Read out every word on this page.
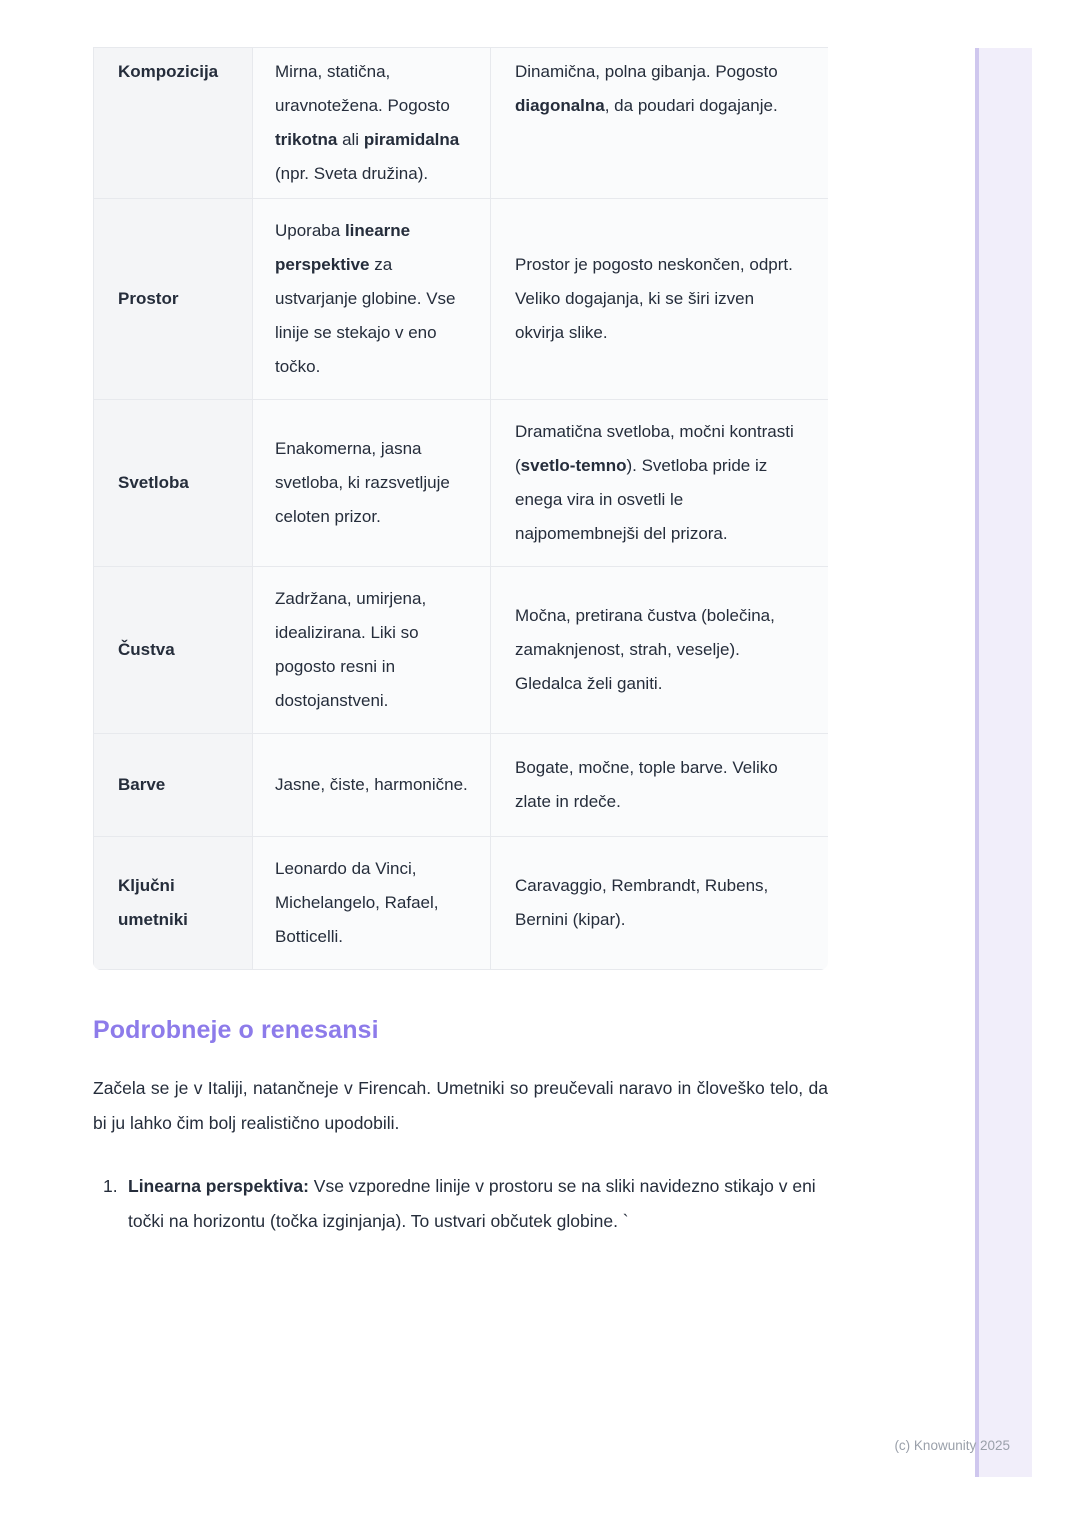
Kompozicija	Mirna, statična, uravnotežena. Pogosto trikotna ali piramidalna (npr. Sveta družina).	Dinamična, polna gibanja. Pogosto diagonalna, da poudari dogajanje.
Prostor	Uporaba linearne perspektive za ustvarjanje globine. Vse linije se stekajo v eno točko.	Prostor je pogosto neskončen, odprt. Veliko dogajanja, ki se širi izven okvirja slike.
Svetloba	Enakomerna, jasna svetloba, ki razsvetljuje celoten prizor.	Dramatična svetloba, močni kontrasti (svetlo-temno). Svetloba pride iz enega vira in osvetli le najpomembnejši del prizora.
Čustva	Zadržana, umirjena, idealizirana. Liki so pogosto resni in dostojanstveni.	Močna, pretirana čustva (bolečina, zamaknjenost, strah, veselje). Gledalca želi ganiti.
Barve	Jasne, čiste, harmonične.	Bogate, močne, tople barve. Veliko zlate in rdeče.
Ključni umetniki	Leonardo da Vinci, Michelangelo, Rafael, Botticelli.	Caravaggio, Rembrandt, Rubens, Bernini (kipar).
Podrobneje o renesansi

Začela se je v Italiji, natančneje v Firencah. Umetniki so preučevali naravo in človeško telo, da bi ju lahko čim bolj realistično upodobili.

1. Linearna perspektiva: Vse vzporedne linije v prostoru se na sliki navidezno stikajo v eni točki na horizontu (točka izginjanja). To ustvari občutek globine. `
(c) Knowunity 2025
